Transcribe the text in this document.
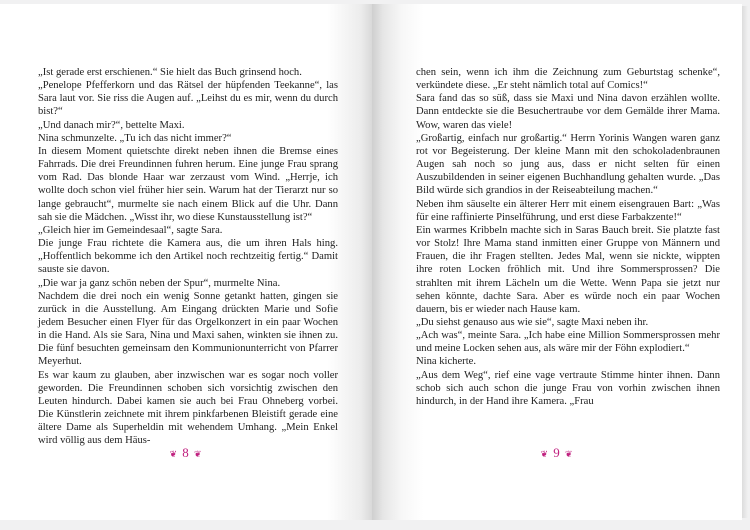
„Ist gerade erst erschienen.“ Sie hielt das Buch grinsend hoch.

„Penelope Pfefferkorn und das Rätsel der hüpfenden Teekanne“, las Sara laut vor. Sie riss die Augen auf. „Leihst du es mir, wenn du durch bist?“

„Und danach mir?“, bettelte Maxi.

Nina schmunzelte. „Tu ich das nicht immer?“

In diesem Moment quietschte direkt neben ihnen die Bremse eines Fahrrads. Die drei Freundinnen fuhren herum. Eine junge Frau sprang vom Rad. Das blonde Haar war zerzaust vom Wind. „Herrje, ich wollte doch schon viel früher hier sein. Warum hat der Tierarzt nur so lange gebraucht“, murmelte sie nach einem Blick auf die Uhr. Dann sah sie die Mädchen. „Wisst ihr, wo diese Kunstausstellung ist?“

„Gleich hier im Gemeindesaal“, sagte Sara.

Die junge Frau richtete die Kamera aus, die um ihren Hals hing. „Hoffentlich bekomme ich den Artikel noch rechtzeitig fertig.“ Damit sauste sie davon.

„Die war ja ganz schön neben der Spur“, murmelte Nina.

Nachdem die drei noch ein wenig Sonne getankt hatten, gingen sie zurück in die Ausstellung. Am Eingang drückten Marie und Sofie jedem Besucher einen Flyer für das Orgelkonzert in ein paar Wochen in die Hand. Als sie Sara, Nina und Maxi sahen, winkten sie ihnen zu. Die fünf besuchten gemeinsam den Kommunionunterricht von Pfarrer Meyerhut.

Es war kaum zu glauben, aber inzwischen war es sogar noch voller geworden. Die Freundinnen schoben sich vorsichtig zwischen den Leuten hindurch. Dabei kamen sie auch bei Frau Ohneberg vorbei. Die Künstlerin zeichnete mit ihrem pinkfarbenen Bleistift gerade eine ältere Dame als Superheldin mit wehendem Umhang. „Mein Enkel wird völlig aus dem Häus-

❦ 8 ❦

chen sein, wenn ich ihm die Zeichnung zum Geburtstag schenke“, verkündete diese. „Er steht nämlich total auf Comics!“

Sara fand das so süß, dass sie Maxi und Nina davon erzählen wollte. Dann entdeckte sie die Besuchertraube vor dem Gemälde ihrer Mama. Wow, waren das viele!

„Großartig, einfach nur großartig.“ Herrn Yorinis Wangen waren ganz rot vor Begeisterung. Der kleine Mann mit den schokoladenbraunen Augen sah noch so jung aus, dass er nicht selten für einen Auszubildenden in seiner eigenen Buchhandlung gehalten wurde. „Das Bild würde sich grandios in der Reiseabteilung machen.“

Neben ihm säuselte ein älterer Herr mit einem eisengrauen Bart: „Was für eine raffinierte Pinselführung, und erst diese Farbakzente!“

Ein warmes Kribbeln machte sich in Saras Bauch breit. Sie platzte fast vor Stolz! Ihre Mama stand inmitten einer Gruppe von Männern und Frauen, die ihr Fragen stellten. Jedes Mal, wenn sie nickte, wippten ihre roten Locken fröhlich mit. Und ihre Sommersprossen? Die strahlten mit ihrem Lächeln um die Wette. Wenn Papa sie jetzt nur sehen könnte, dachte Sara. Aber es würde noch ein paar Wochen dauern, bis er wieder nach Hause kam.

„Du siehst genauso aus wie sie“, sagte Maxi neben ihr.

„Ach was“, meinte Sara. „Ich habe eine Million Sommersprossen mehr und meine Locken sehen aus, als wäre mir der Föhn explodiert.“

Nina kicherte.

„Aus dem Weg“, rief eine vage vertraute Stimme hinter ihnen. Dann schob sich auch schon die junge Frau von vorhin zwischen ihnen hindurch, in der Hand ihre Kamera. „Frau

❦ 9 ❦
